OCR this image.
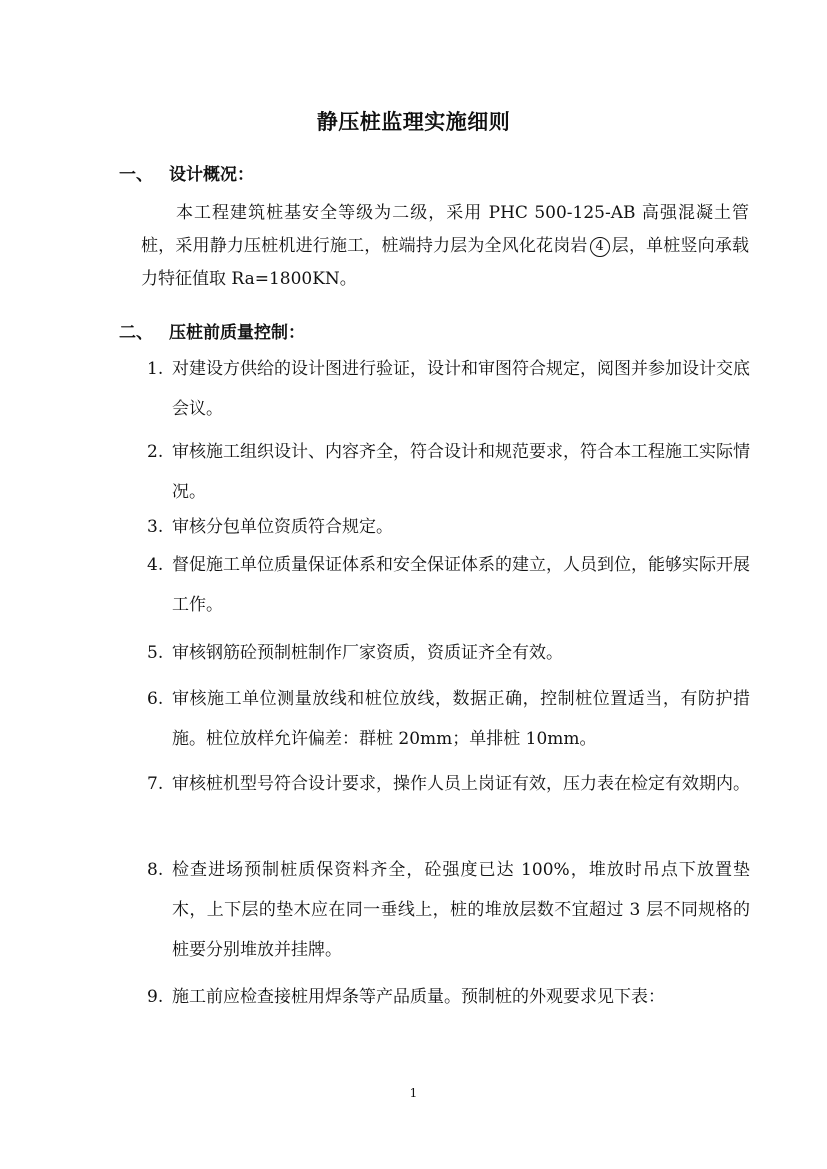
静压桩监理实施细则
一、 设计概况：
本工程建筑桩基安全等级为二级，采用 PHC 500-125-AB 高强混凝土管桩，采用静力压桩机进行施工，桩端持力层为全风化花岗岩 4 层，单桩竖向承载力特征值取 Ra=1800KN。
二、 压桩前质量控制：
1. 对建设方供给的设计图进行验证，设计和审图符合规定，阅图并参加设计交底会议。
2. 审核施工组织设计、内容齐全，符合设计和规范要求，符合本工程施工实际情况。
3. 审核分包单位资质符合规定。
4. 督促施工单位质量保证体系和安全保证体系的建立，人员到位，能够实际开展工作。
5. 审核钢筋砼预制桩制作厂家资质，资质证齐全有效。
6. 审核施工单位测量放线和桩位放线，数据正确，控制桩位置适当，有防护措施。桩位放样允许偏差：群桩 20mm；单排桩 10mm。
7. 审核桩机型号符合设计要求，操作人员上岗证有效，压力表在检定有效期内。
8. 检查进场预制桩质保资料齐全，砼强度已达 100%，堆放时吊点下放置垫木，上下层的垫木应在同一垂线上，桩的堆放层数不宜超过 3 层不同规格的桩要分别堆放并挂牌。
9. 施工前应检查接桩用焊条等产品质量。预制桩的外观要求见下表：
1
